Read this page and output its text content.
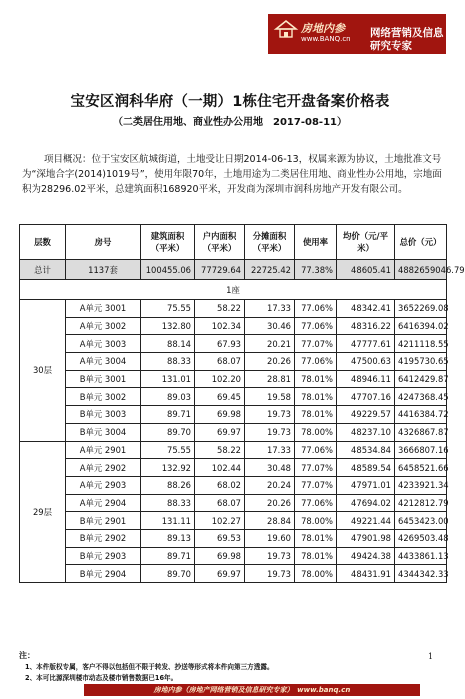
房地内参
www.BANQ.cn 网络营销及信息研究专家
宝安区润科华府（一期）1栋住宅开盘备案价格表
（二类居住用地、商业性办公用地　2017-08-11）
项目概况：位于宝安区航城街道，土地受让日期2014-06-13，权属来源为协议，土地批准文号为“深地合字(2014)1019号”，使用年限70年，土地用途为二类居住用地、商业性办公用地，宗地面积为28296.02平米，总建筑面积168920平米，开发商为深圳市润科房地产开发有限公司。
层数	房号	建筑面积（平米）	户内面积（平米）	分摊面积（平米）	使用率	均价（元/平米）	总价（元）
总计	1137套	100455.06	77729.64	22725.42	77.38%	48605.41	4882659046.79
1座							
30层	A单元 3001	75.55	58.22	17.33	77.06%	48342.41	3652269.08
	A单元 3002	132.80	102.34	30.46	77.06%	48316.22	6416394.02
	A单元 3003	88.14	67.93	20.21	77.07%	47777.61	4211118.55
	A单元 3004	88.33	68.07	20.26	77.06%	47500.63	4195730.65
	B单元 3001	131.01	102.20	28.81	78.01%	48946.11	6412429.87
	B单元 3002	89.03	69.45	19.58	78.01%	47707.16	4247368.45
	B单元 3003	89.71	69.98	19.73	78.01%	49229.57	4416384.72
	B单元 3004	89.70	69.97	19.73	78.00%	48237.10	4326867.87
29层	A单元 2901	75.55	58.22	17.33	77.06%	48534.84	3666807.16
	A单元 2902	132.92	102.44	30.48	77.07%	48589.54	6458521.66
	A单元 2903	88.26	68.02	20.24	77.07%	47971.01	4233921.34
	A单元 2904	88.33	68.07	20.26	77.06%	47694.02	4212812.79
	B单元 2901	131.11	102.27	28.84	78.00%	49221.44	6453423.00
	B单元 2902	89.13	69.53	19.60	78.01%	47901.98	4269503.48
	B单元 2903	89.71	69.98	19.73	78.01%	49424.38	4433861.13
	B单元 2904	89.70	69.97	19.73	78.00%	48431.91	4344342.33
注：
1、本件版权专属，客户不得以包括但不限于转发、抄送等形式将本件向第三方透露。
2、本可比源深圳楼市动态及楼市销售数据已16年。
1
房地内参（房地产网络营销及信息研究专家）　www.banq.cn
